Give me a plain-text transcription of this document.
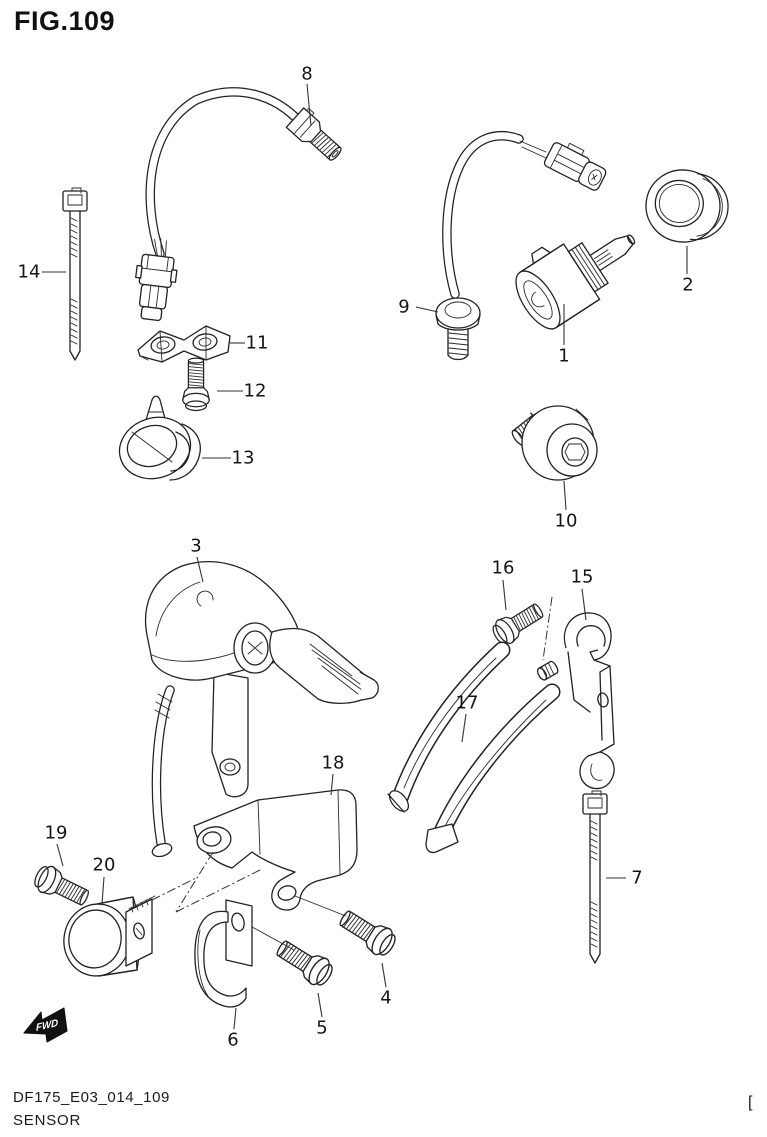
FIG.109
FWD
1
2
3
4
5
6
7
8
9
10
11
12
13
14
15
16
17
18
19
20
DF175_E03_014_109
SENSOR
[
